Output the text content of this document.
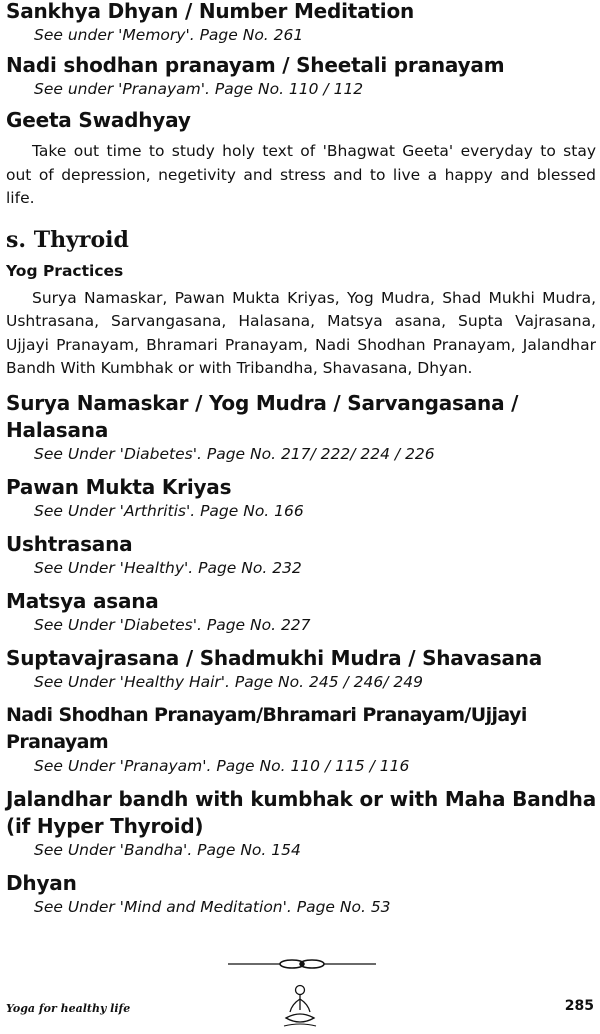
Sankhya Dhyan / Number Meditation

See under 'Memory'. Page No. 261

Nadi shodhan pranayam / Sheetali pranayam

See under 'Pranayam'. Page No. 110 / 112

Geeta Swadhyay

Take out time to study holy text of 'Bhagwat Geeta' everyday to stay out of depression, negetivity and stress and to live a happy and blessed life.

s. Thyroid

Yog Practices

Surya Namaskar, Pawan Mukta Kriyas, Yog Mudra, Shad Mukhi Mudra, Ushtrasana, Sarvangasana, Halasana, Matsya asana, Supta Vajrasana, Ujjayi Pranayam, Bhramari Pranayam, Nadi Shodhan Pranayam, Jalandhar Bandh With Kumbhak or with Tribandha, Shavasana, Dhyan.

Surya Namaskar / Yog Mudra / Sarvangasana / Halasana

See Under 'Diabetes'. Page No. 217/ 222/ 224 / 226

Pawan Mukta Kriyas

See Under 'Arthritis'. Page No. 166

Ushtrasana

See Under 'Healthy'. Page No. 232

Matsya asana

See Under 'Diabetes'. Page No. 227

Suptavajrasana / Shadmukhi Mudra / Shavasana

See Under 'Healthy Hair'. Page No. 245 / 246/ 249

Nadi Shodhan Pranayam/Bhramari Pranayam/Ujjayi Pranayam

See Under 'Pranayam'. Page No. 110 / 115 / 116

Jalandhar bandh with kumbhak or with Maha Bandha (if Hyper Thyroid)

See Under 'Bandha'. Page No. 154

Dhyan

See Under 'Mind and Meditation'. Page No. 53

Yoga for healthy life	285
